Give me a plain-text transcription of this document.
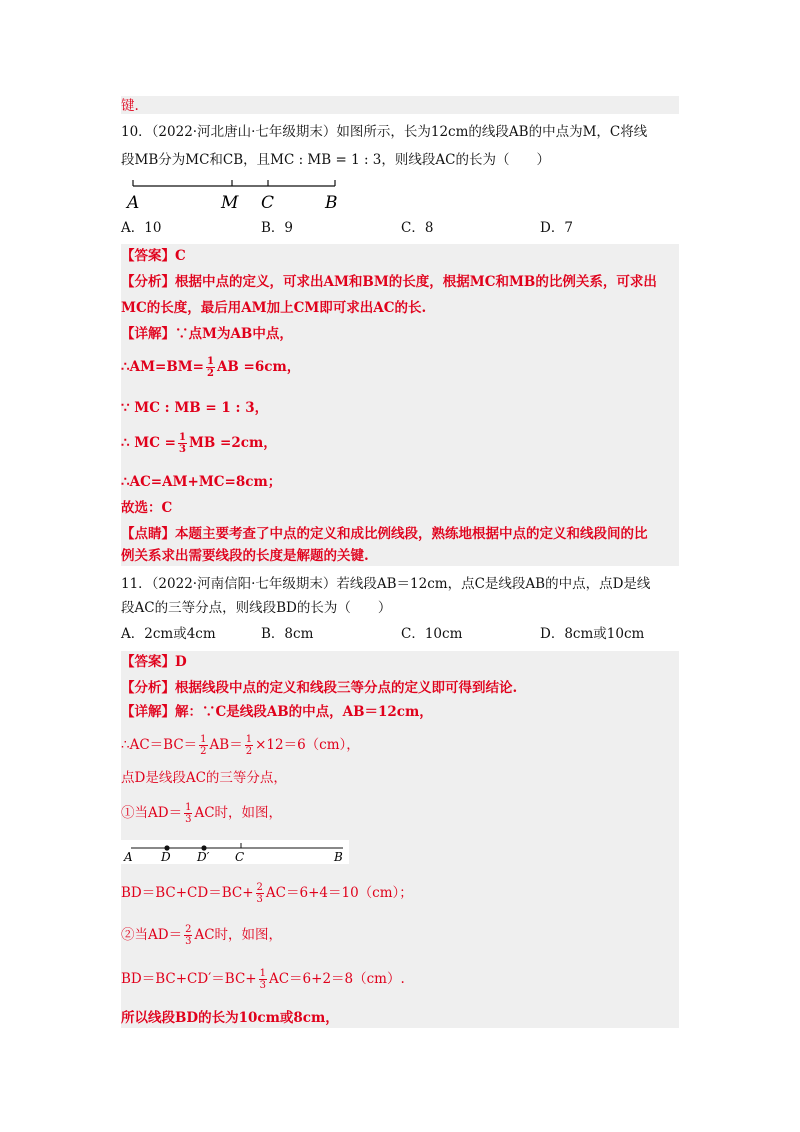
键.
10．（2022·河北唐山·七年级期末）如图所示，长为12cm的线段AB的中点为M，C将线
段MB分为MC和CB，且MC : MB = 1 : 3，则线段AC的长为（　　）
A	M C	B
A．10	B．9	C．8	D．7
【答案】C
【分析】根据中点的定义，可求出AM和BM的长度，根据MC和MB的比例关系，可求出
MC的长度，最后用AM加上CM即可求出AC的长.
【详解】∵点M为AB中点，
∴AM=BM= $\frac{1}{2}$ AB =6cm，
∵ MC : MB = 1 : 3，
∴ MC = $\frac{1}{3}$ MB =2cm，
∴AC=AM+MC=8cm；
故选：C
【点睛】本题主要考查了中点的定义和成比例线段，熟练地根据中点的定义和线段间的比
例关系求出需要线段的长度是解题的关键.
11．（2022·河南信阳·七年级期末）若线段AB＝12cm，点C是线段AB的中点，点D是线
段AC的三等分点，则线段BD的长为（　　）
A．2cm或4cm	B．8cm	C．10cm	D．8cm或10cm
【答案】D
【分析】根据线段中点的定义和线段三等分点的定义即可得到结论.
【详解】解：∵C是线段AB的中点，AB＝12cm，
∴AC＝BC＝ $\frac{1}{2} AB= \frac{1}{2} \times 12=6(cm)$，
点D是线段AC的三等分点，
①当$AD= \frac{1}{3}$ AC时，如图，
A D D′ C	B
$BD=BC+CD=BC+ \frac{2}{3} AC=6+4=10(cm)$；
②当$AD= \frac{2}{3}$ AC时，如图，
$BD=BC+CD'=BC+ \frac{1}{3} AC=6+2=8(cm)$.
所以线段BD的长为10cm或8cm，
